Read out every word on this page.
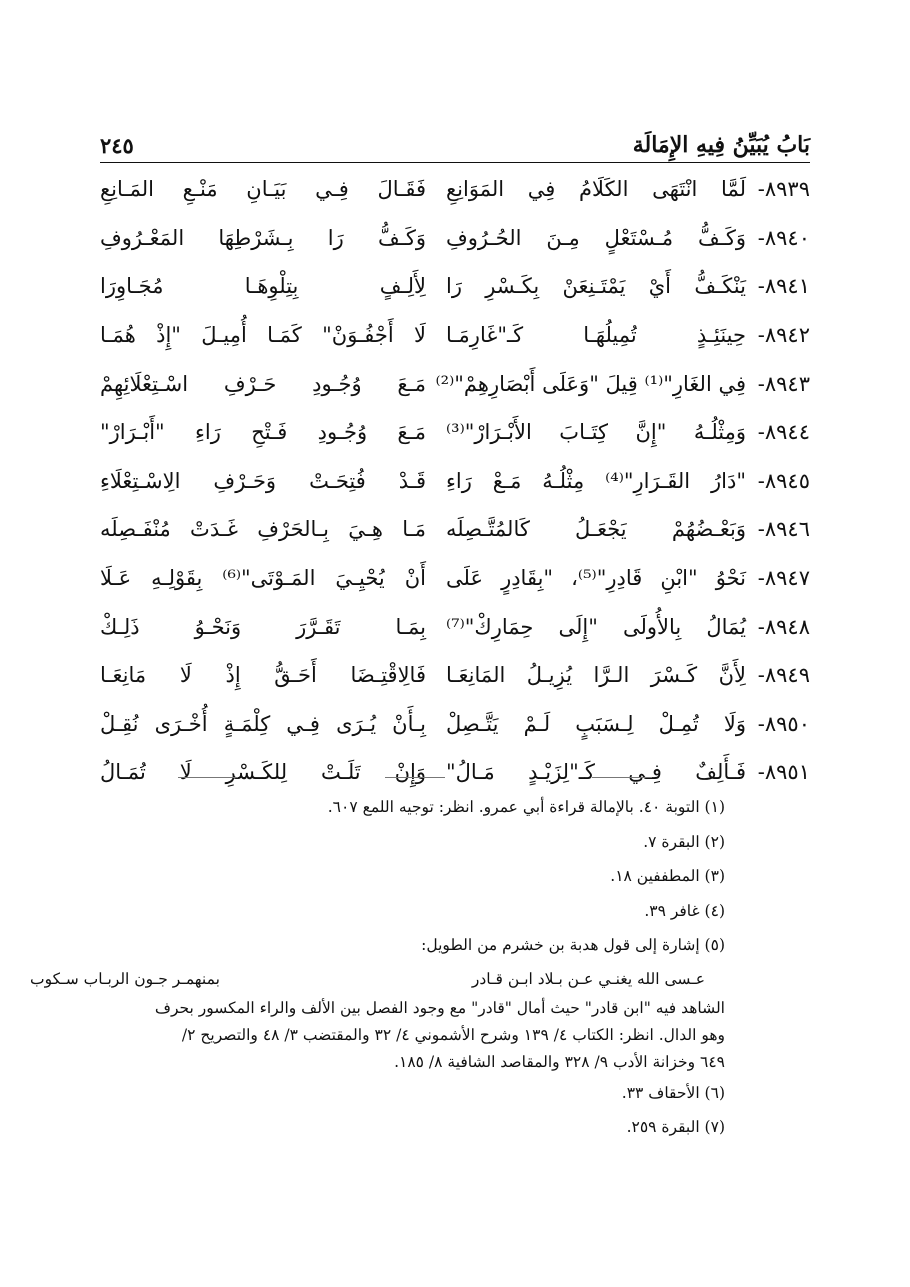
بَابُ يُبَيِّنُ فِيهِ الإِمَالَة
٢٤٥
٨٩٣٩-
لَمَّا انْتَهَى الكَلَامُ فِي المَوَانِعِ
فَقَـالَ فِـي بَيَـانِ مَنْـعِ المَـانِعِ
٨٩٤٠-
وَكَـفُّ مُـسْتَعْلٍ مِـنَ الحُـرُوفِ
وَكَـفُّ رَا بِـشَرْطِهَا المَعْـرُوفِ
٨٩٤١-
يَنْكَـفُّ أَيْ يَمْتَـنِعَنْ بِكَـسْرِ رَا
لِأَلِـفٍ بِتِلْوِهَـا مُجَـاوِرَا
٨٩٤٢-
حِينَئِـذٍ تُمِيلُهَـا كَـ"غَارِمَـا
لَا أَجْفُـوَنْ" كَمَـا أُمِيـلَ "إِذْ هُمَـا
٨٩٤٣-
فِي الغَارِ"⁽¹⁾ قِيلَ "وَعَلَى أَبْصَارِهِمْ"⁽²⁾
مَـعَ وُجُـودِ حَـرْفِ اسْـتِعْلَائِهِمْ
٨٩٤٤-
وَمِثْلُـهُ "إِنَّ كِتَـابَ الأَبْـرَارْ"⁽³⁾
مَـعَ وُجُـودِ فَـتْحِ رَاءِ "أَبْـرَارْ"
٨٩٤٥-
"دَارُ القَـرَارِ"⁽⁴⁾ مِثْلُـهُ مَـعْ رَاءِ
قَـدْ فُتِحَـتْ وَحَـرْفِ الِاسْـتِعْلَاءِ
٨٩٤٦-
وَبَعْـضُهُمْ يَجْعَـلُ كَالمُتَّـصِلَه
مَـا هِـيَ بِـالحَرْفِ غَـدَتْ مُنْفَـصِلَه
٨٩٤٧-
نَحْوُ "ابْنِ قَادِرِ"⁽⁵⁾، "بِقَادِرٍ عَلَى
أَنْ يُحْيِـيَ المَـوْتَى"⁽⁶⁾ بِقَوْلِـهِ عَـلَا
٨٩٤٨-
يُمَالُ بِالأُولَى "إِلَى حِمَارِكْ"⁽⁷⁾
بِمَـا تَقَـرَّرَ وَنَحْـوُ ذَلِـكْ
٨٩٤٩-
لِأَنَّ كَـسْرَ الـرَّا يُزِيـلُ المَانِعَـا
فَالِاقْتِـضَا أَحَـقُّ إِذْ لَا مَانِعَـا
٨٩٥٠-
وَلَا تُمِـلْ لِـسَبَبٍ لَـمْ يَتَّـصِلْ
بِـأَنْ يُـرَى فِـي كِلْمَـةٍ أُخْـرَى نُقِـلْ
٨٩٥١-
فَـأَلِفٌ فِـي كَـ"لِزَيْـدٍ مَـالُ"
وَإِنْ تَلَـتْ لِلكَـسْرِ لَا تُمَـالُ
(١) التوبة ٤٠. بالإمالة قراءة أبي عمرو. انظر: توجيه اللمع ٦٠٧.
(٢) البقرة ٧.
(٣) المطففين ١٨.
(٤) غافر ٣٩.
(٥) إشارة إلى قول هدبة بن خشرم من الطويل:
عـسى الله يغنـي عـن بـلاد ابـن قـادر
بمنهمـر جـون الربـاب سـكوب
الشاهد فيه "ابن قادر" حيث أمال "قادر" مع وجود الفصل بين الألف والراء المكسور بحرف
وهو الدال. انظر: الكتاب ٤/ ١٣٩ وشرح الأشموني ٤/ ٣٢ والمقتضب ٣/ ٤٨ والتصريح ٢/
٦٤٩ وخزانة الأدب ٩/ ٣٢٨ والمقاصد الشافية ٨/ ١٨٥.
(٦) الأحقاف ٣٣.
(٧) البقرة ٢٥٩.
